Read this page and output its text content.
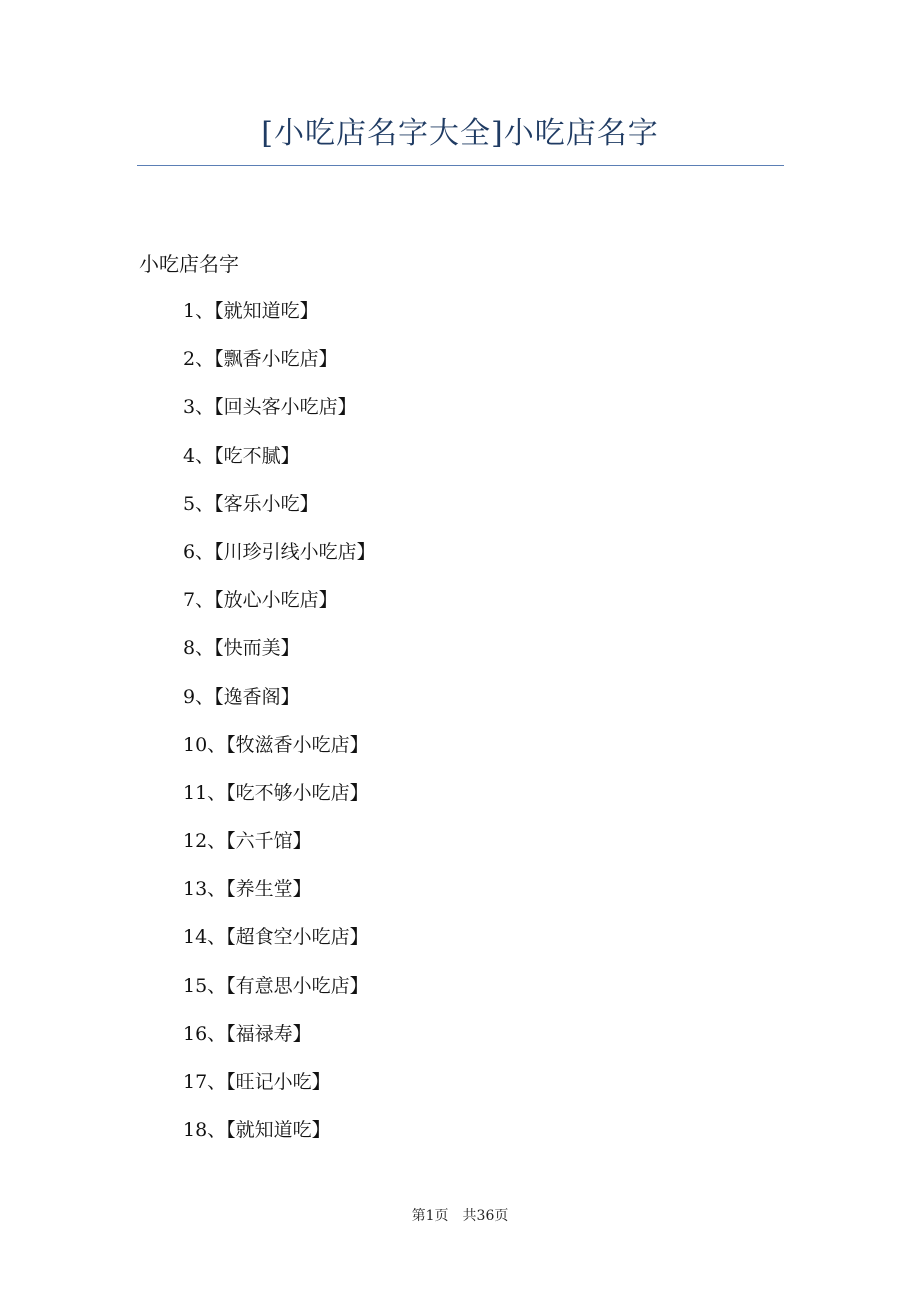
[小吃店名字大全]小吃店名字
小吃店名字
1、【就知道吃】
2、【飘香小吃店】
3、【回头客小吃店】
4、【吃不腻】
5、【客乐小吃】
6、【川珍引线小吃店】
7、【放心小吃店】
8、【快而美】
9、【逸香阁】
10、【牧滋香小吃店】
11、【吃不够小吃店】
12、【六千馆】
13、【养生堂】
14、【超食空小吃店】
15、【有意思小吃店】
16、【福禄寿】
17、【旺记小吃】
18、【就知道吃】
第1页 共36页
